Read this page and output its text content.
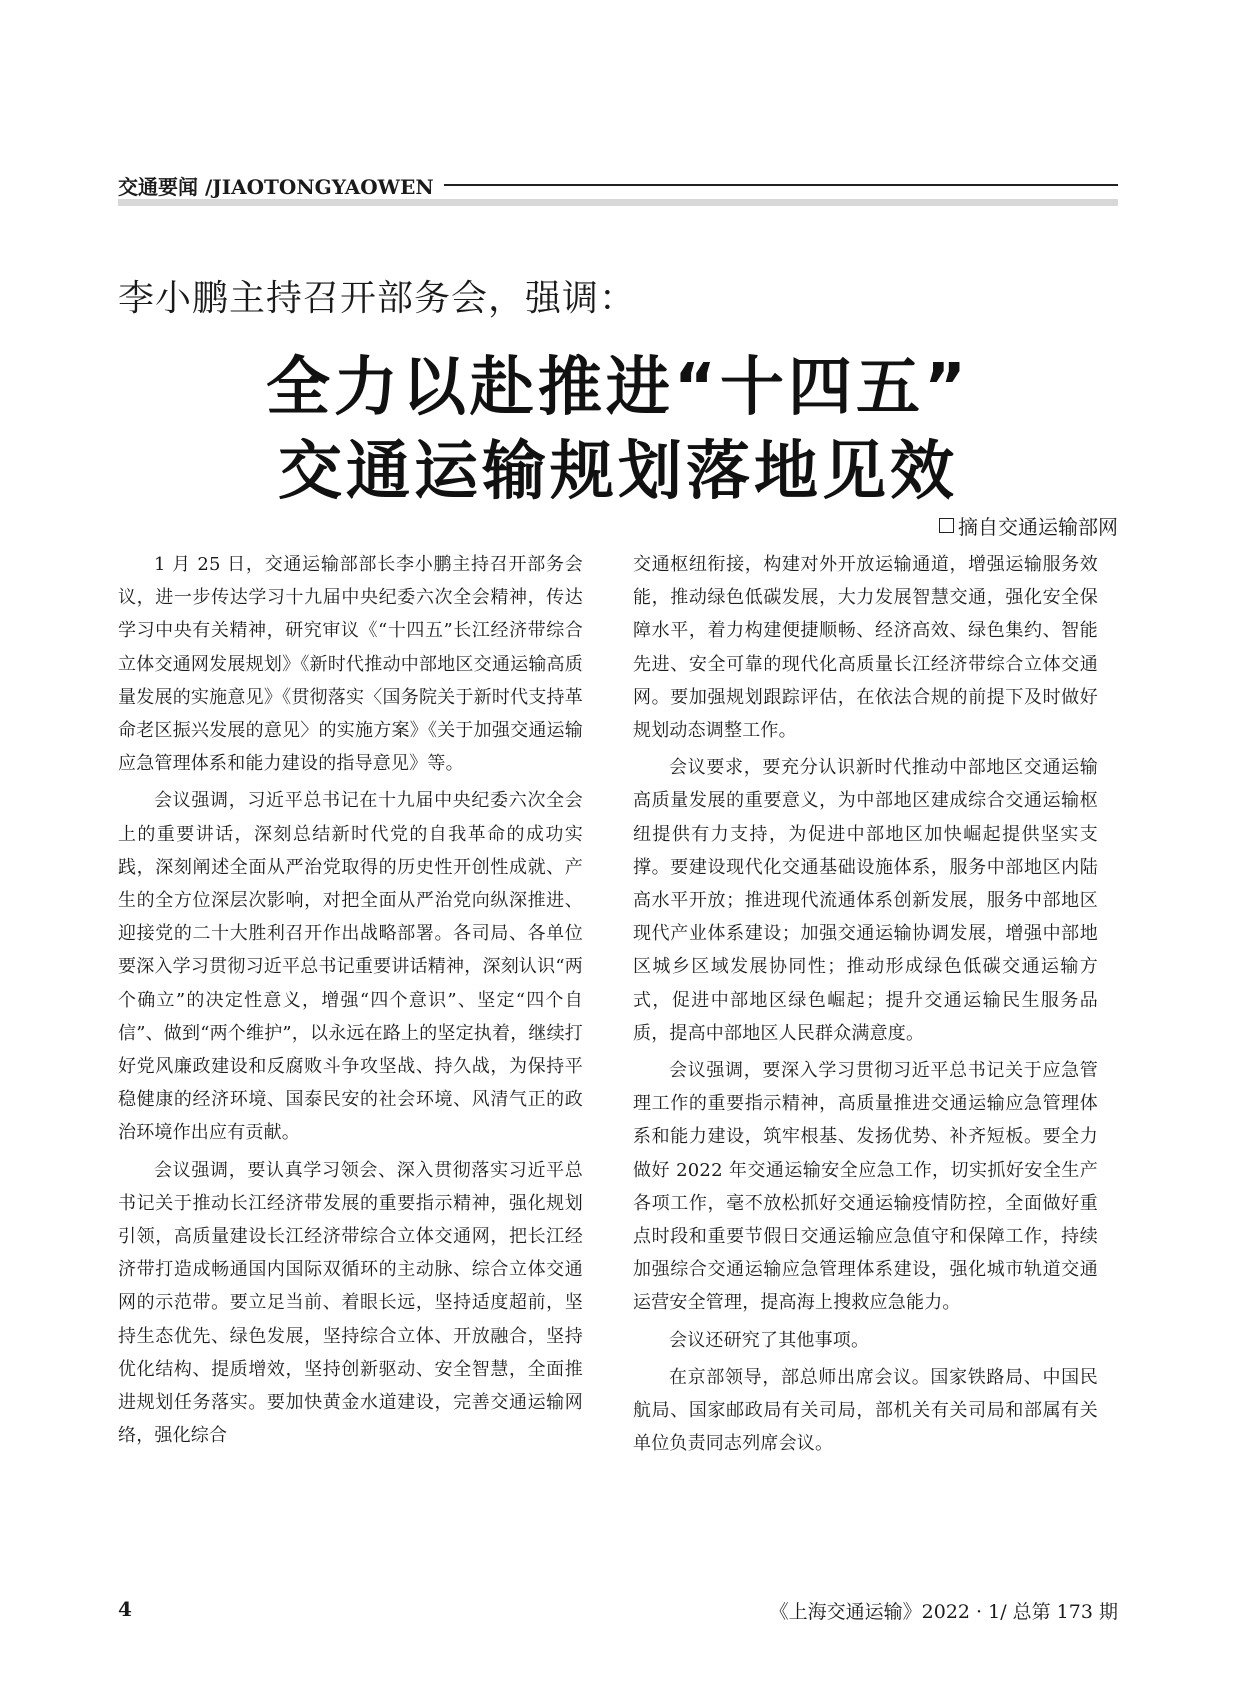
交通要闻 /JIAOTONGYAOWEN
李小鹏主持召开部务会，强调：
全力以赴推进“十四五”
交通运输规划落地见效
摘自交通运输部网

1 月 25 日，交通运输部部长李小鹏主持召开部务会议，进一步传达学习十九届中央纪委六次全会精神，传达学习中央有关精神，研究审议《“十四五”长江经济带综合立体交通网发展规划》《新时代推动中部地区交通运输高质量发展的实施意见》《贯彻落实〈国务院关于新时代支持革命老区振兴发展的意见〉的实施方案》《关于加强交通运输应急管理体系和能力建设的指导意见》等。

会议强调，习近平总书记在十九届中央纪委六次全会上的重要讲话，深刻总结新时代党的自我革命的成功实践，深刻阐述全面从严治党取得的历史性开创性成就、产生的全方位深层次影响，对把全面从严治党向纵深推进、迎接党的二十大胜利召开作出战略部署。各司局、各单位要深入学习贯彻习近平总书记重要讲话精神，深刻认识“两个确立”的决定性意义，增强“四个意识”、坚定“四个自信”、做到“两个维护”，以永远在路上的坚定执着，继续打好党风廉政建设和反腐败斗争攻坚战、持久战，为保持平稳健康的经济环境、国泰民安的社会环境、风清气正的政治环境作出应有贡献。

会议强调，要认真学习领会、深入贯彻落实习近平总书记关于推动长江经济带发展的重要指示精神，强化规划引领，高质量建设长江经济带综合立体交通网，把长江经济带打造成畅通国内国际双循环的主动脉、综合立体交通网的示范带。要立足当前、着眼长远，坚持适度超前，坚持生态优先、绿色发展，坚持综合立体、开放融合，坚持优化结构、提质增效，坚持创新驱动、安全智慧，全面推进规划任务落实。要加快黄金水道建设，完善交通运输网络，强化综合

交通枢纽衔接，构建对外开放运输通道，增强运输服务效能，推动绿色低碳发展，大力发展智慧交通，强化安全保障水平，着力构建便捷顺畅、经济高效、绿色集约、智能先进、安全可靠的现代化高质量长江经济带综合立体交通网。要加强规划跟踪评估，在依法合规的前提下及时做好规划动态调整工作。

会议要求，要充分认识新时代推动中部地区交通运输高质量发展的重要意义，为中部地区建成综合交通运输枢纽提供有力支持，为促进中部地区加快崛起提供坚实支撑。要建设现代化交通基础设施体系，服务中部地区内陆高水平开放；推进现代流通体系创新发展，服务中部地区现代产业体系建设；加强交通运输协调发展，增强中部地区城乡区域发展协同性；推动形成绿色低碳交通运输方式，促进中部地区绿色崛起；提升交通运输民生服务品质，提高中部地区人民群众满意度。

会议强调，要深入学习贯彻习近平总书记关于应急管理工作的重要指示精神，高质量推进交通运输应急管理体系和能力建设，筑牢根基、发扬优势、补齐短板。要全力做好 2022 年交通运输安全应急工作，切实抓好安全生产各项工作，毫不放松抓好交通运输疫情防控，全面做好重点时段和重要节假日交通运输应急值守和保障工作，持续加强综合交通运输应急管理体系建设，强化城市轨道交通运营安全管理，提高海上搜救应急能力。

会议还研究了其他事项。

在京部领导，部总师出席会议。国家铁路局、中国民航局、国家邮政局有关司局，部机关有关司局和部属有关单位负责同志列席会议。

4	《上海交通运输》2022 · 1/ 总第 173 期
